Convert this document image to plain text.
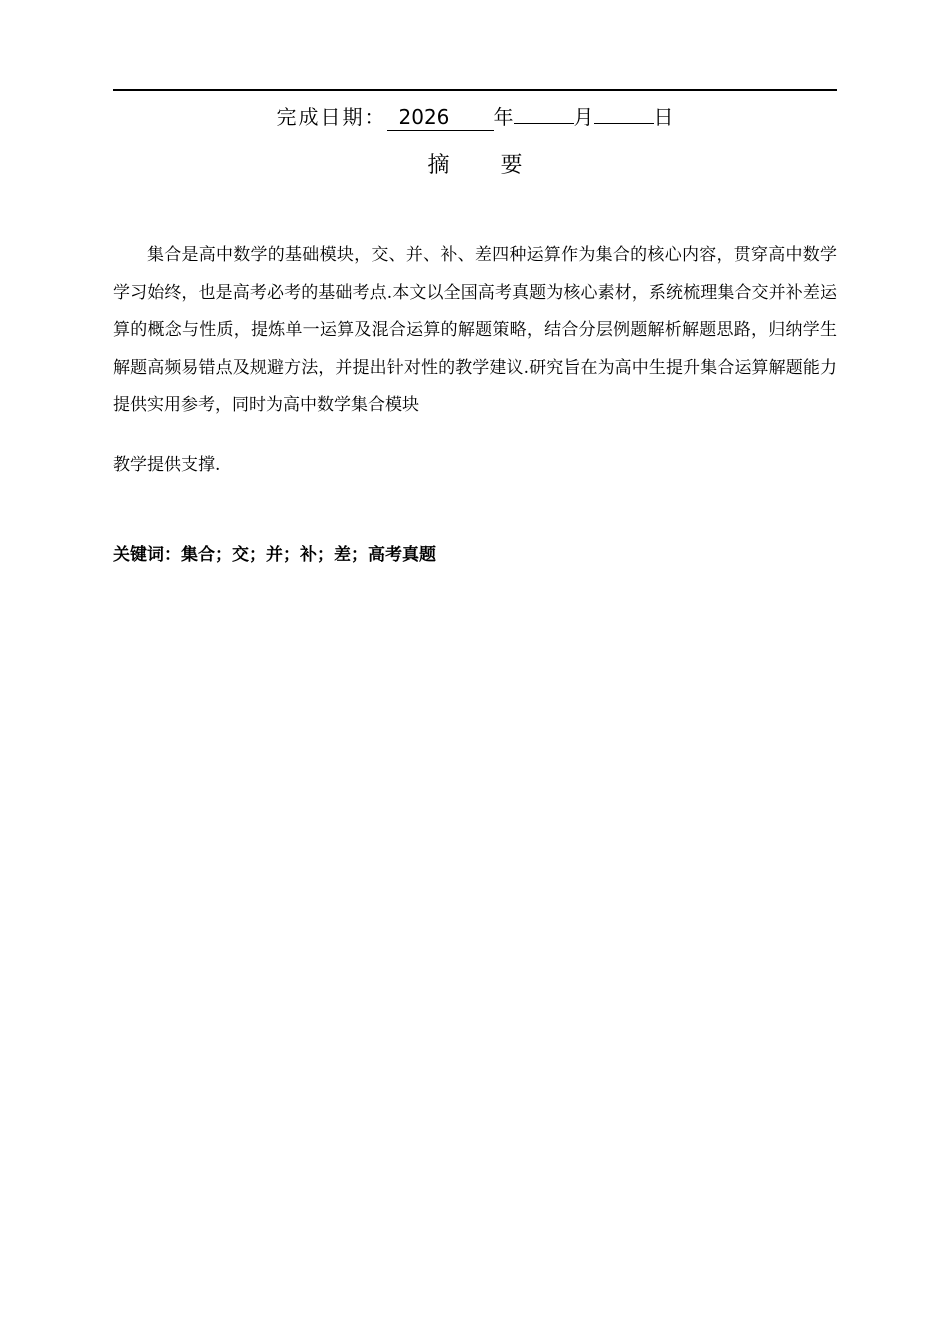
完成日期： 2026 年	月	日
摘 要

集合是高中数学的基础模块，交、并、补、差四种运算作为集合的核心内容，贯穿高中数学学习始终，也是高考必考的基础考点.本文以全国高考真题为核心素材，系统梳理集合交并补差运算的概念与性质，提炼单一运算及混合运算的解题策略，结合分层例题解析解题思路，归纳学生解题高频易错点及规避方法，并提出针对性的教学建议.研究旨在为高中生提升集合运算解题能力提供实用参考，同时为高中数学集合模块

教学提供支撑.

关键词：集合；交；并；补；差；高考真题
